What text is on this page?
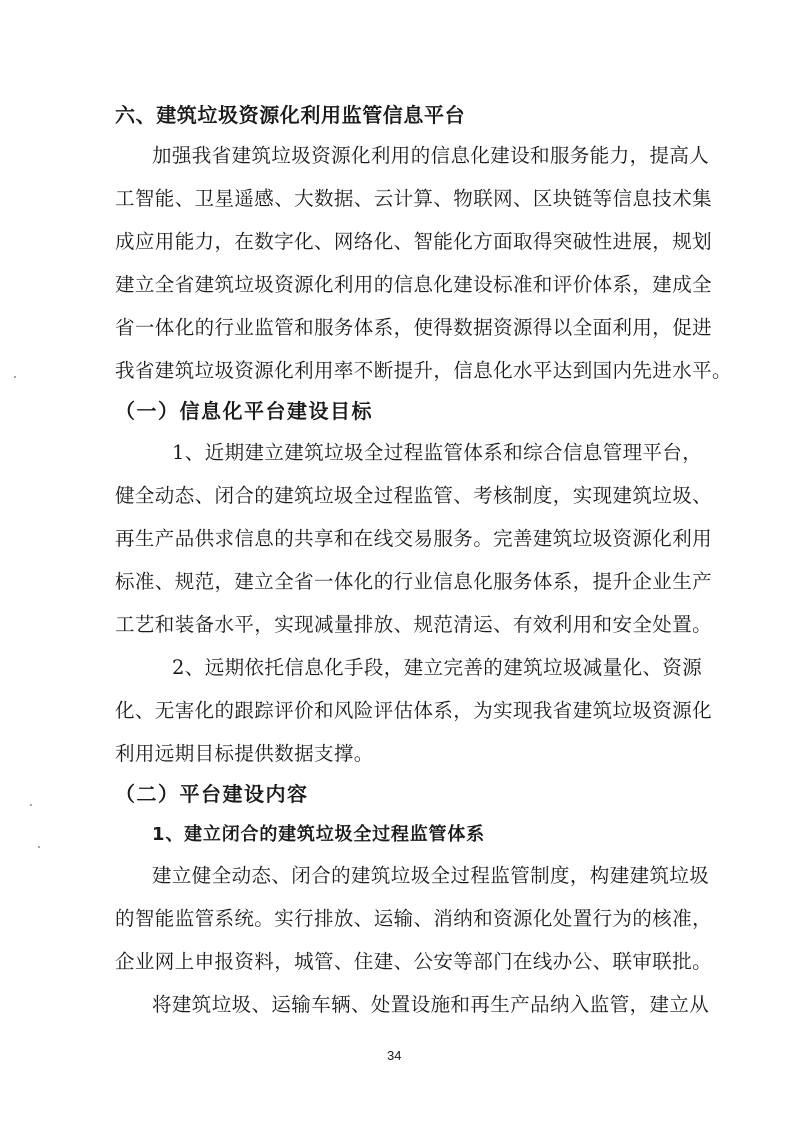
六、建筑垃圾资源化利用监管信息平台
加强我省建筑垃圾资源化利用的信息化建设和服务能力，提高人
工智能、卫星遥感、大数据、云计算、物联网、区块链等信息技术集
成应用能力，在数字化、网络化、智能化方面取得突破性进展，规划
建立全省建筑垃圾资源化利用的信息化建设标准和评价体系，建成全
省一体化的行业监管和服务体系，使得数据资源得以全面利用，促进
我省建筑垃圾资源化利用率不断提升，信息化水平达到国内先进水平。
（一）信息化平台建设目标
1、近期建立建筑垃圾全过程监管体系和综合信息管理平台，
健全动态、闭合的建筑垃圾全过程监管、考核制度，实现建筑垃圾、
再生产品供求信息的共享和在线交易服务。完善建筑垃圾资源化利用
标准、规范，建立全省一体化的行业信息化服务体系，提升企业生产
工艺和装备水平，实现减量排放、规范清运、有效利用和安全处置。
2、远期依托信息化手段，建立完善的建筑垃圾减量化、资源
化、无害化的跟踪评价和风险评估体系，为实现我省建筑垃圾资源化
利用远期目标提供数据支撑。
（二）平台建设内容
1、建立闭合的建筑垃圾全过程监管体系
建立健全动态、闭合的建筑垃圾全过程监管制度，构建建筑垃圾
的智能监管系统。实行排放、运输、消纳和资源化处置行为的核准，
企业网上申报资料，城管、住建、公安等部门在线办公、联审联批。
将建筑垃圾、运输车辆、处置设施和再生产品纳入监管，建立从
34
